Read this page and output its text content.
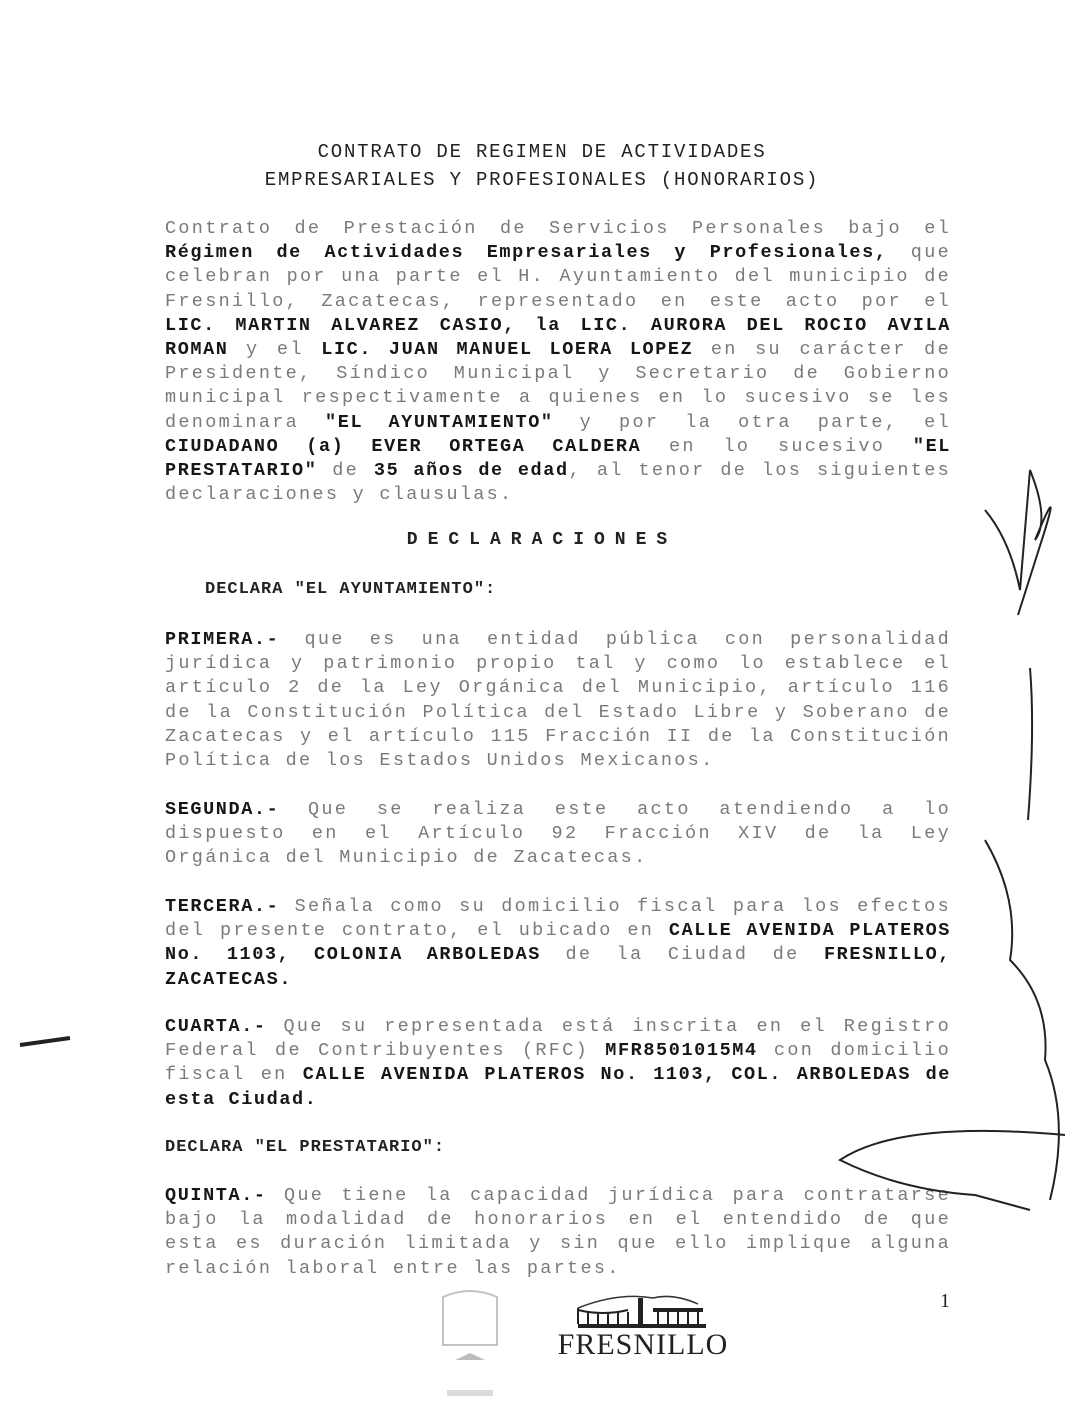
CONTRATO DE REGIMEN DE ACTIVIDADES
EMPRESARIALES Y PROFESIONALES (HONORARIOS)
Contrato de Prestación de Servicios Personales bajo el Régimen de Actividades Empresariales y Profesionales, que celebran por una parte el H. Ayuntamiento del municipio de Fresnillo, Zacatecas, representado en este acto por el LIC. MARTIN ALVAREZ CASIO, la LIC. AURORA DEL ROCIO AVILA ROMAN y el LIC. JUAN MANUEL LOERA LOPEZ en su carácter de Presidente, Síndico Municipal y Secretario de Gobierno municipal respectivamente a quienes en lo sucesivo se les denominara "EL AYUNTAMIENTO" y por la otra parte, el CIUDADANO (a) EVER ORTEGA CALDERA en lo sucesivo "EL PRESTATARIO" de 35 años de edad, al tenor de los siguientes declaraciones y clausulas.
DECLARACIONES
DECLARA "EL AYUNTAMIENTO":
PRIMERA.- que es una entidad pública con personalidad jurídica y patrimonio propio tal y como lo establece el artículo 2 de la Ley Orgánica del Municipio, artículo 116 de la Constitución Política del Estado Libre y Soberano de Zacatecas y el artículo 115 Fracción II de la Constitución Política de los Estados Unidos Mexicanos.
SEGUNDA.- Que se realiza este acto atendiendo a lo dispuesto en el Artículo 92 Fracción XIV de la Ley Orgánica del Municipio de Zacatecas.
TERCERA.- Señala como su domicilio fiscal para los efectos del presente contrato, el ubicado en CALLE AVENIDA PLATEROS No. 1103, COLONIA ARBOLEDAS de la Ciudad de FRESNILLO, ZACATECAS.
CUARTA.- Que su representada está inscrita en el Registro Federal de Contribuyentes (RFC) MFR8501015M4 con domicilio fiscal en CALLE AVENIDA PLATEROS No. 1103, COL. ARBOLEDAS de esta Ciudad.
DECLARA "EL PRESTATARIO":
QUINTA.- Que tiene la capacidad jurídica para contratarse bajo la modalidad de honorarios en el entendido de que esta es duración limitada y sin que ello implique alguna relación laboral entre las partes.
FRESNILLO
1
